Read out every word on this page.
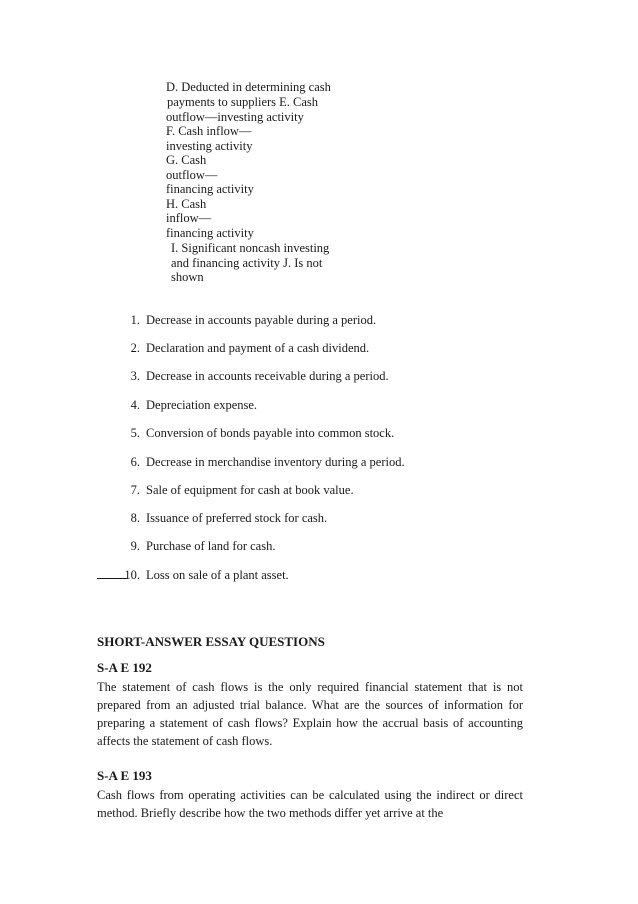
D. Deducted in determining cash
payments to suppliers E. Cash
outflow—investing activity
F. Cash inflow—
investing activity
G. Cash
outflow—
financing activity
H. Cash
inflow—
financing activity
I. Significant noncash investing
and financing activity J. Is not
shown
1. Decrease in accounts payable during a period.
2. Declaration and payment of a cash dividend.
3. Decrease in accounts receivable during a period.
4. Depreciation expense.
5. Conversion of bonds payable into common stock.
6. Decrease in merchandise inventory during a period.
7. Sale of equipment for cash at book value.
8. Issuance of preferred stock for cash.
9. Purchase of land for cash.
10. Loss on sale of a plant asset.
SHORT-ANSWER ESSAY QUESTIONS
S-A E 192
The statement of cash flows is the only required financial statement that is not prepared from an adjusted trial balance. What are the sources of information for preparing a statement of cash flows? Explain how the accrual basis of accounting affects the statement of cash flows.
S-A E 193
Cash flows from operating activities can be calculated using the indirect or direct method. Briefly describe how the two methods differ yet arrive at the
